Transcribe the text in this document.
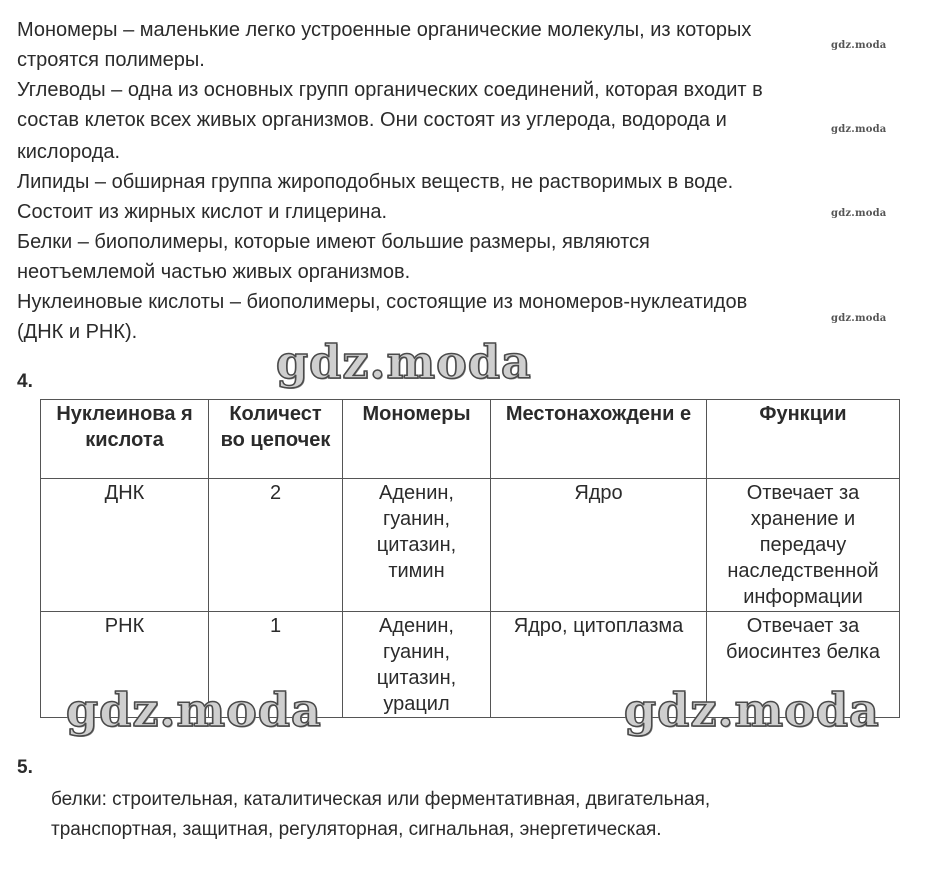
Мономеры – маленькие легко устроенные органические молекулы, из которых

строятся полимеры.

Углеводы – одна из основных групп органических соединений, которая входит в

состав клеток всех живых организмов. Они состоят из углерода, водорода и

кислорода.

Липиды – обширная группа жироподобных веществ, не растворимых в воде.

Состоит из жирных кислот и глицерина.

Белки – биополимеры, которые имеют большие размеры, являются

неотъемлемой частью живых организмов.

Нуклеиновые кислоты – биополимеры, состоящие из мономеров-нуклеатидов

(ДНК и РНК).

gdz.moda
gdz.moda
gdz.moda
gdz.moda

4.	gdz.moda
Нуклеинова я кислота	Количест во цепочек	Мономеры	Местонахождени е	Функции
ДНК	2	Аденин, гуанин, цитазин, тимин	Ядро	Отвечает за хранение и передачу наследственной информации
РНК	1	Аденин, гуанин, цитазин, урацил	Ядро, цитоплазма	Отвечает за биосинтез белка
gdz.moda	gdz.moda

5.

белки: строительная, каталитическая или ферментативная, двигательная,
транспортная, защитная, регуляторная, сигнальная, энергетическая.
